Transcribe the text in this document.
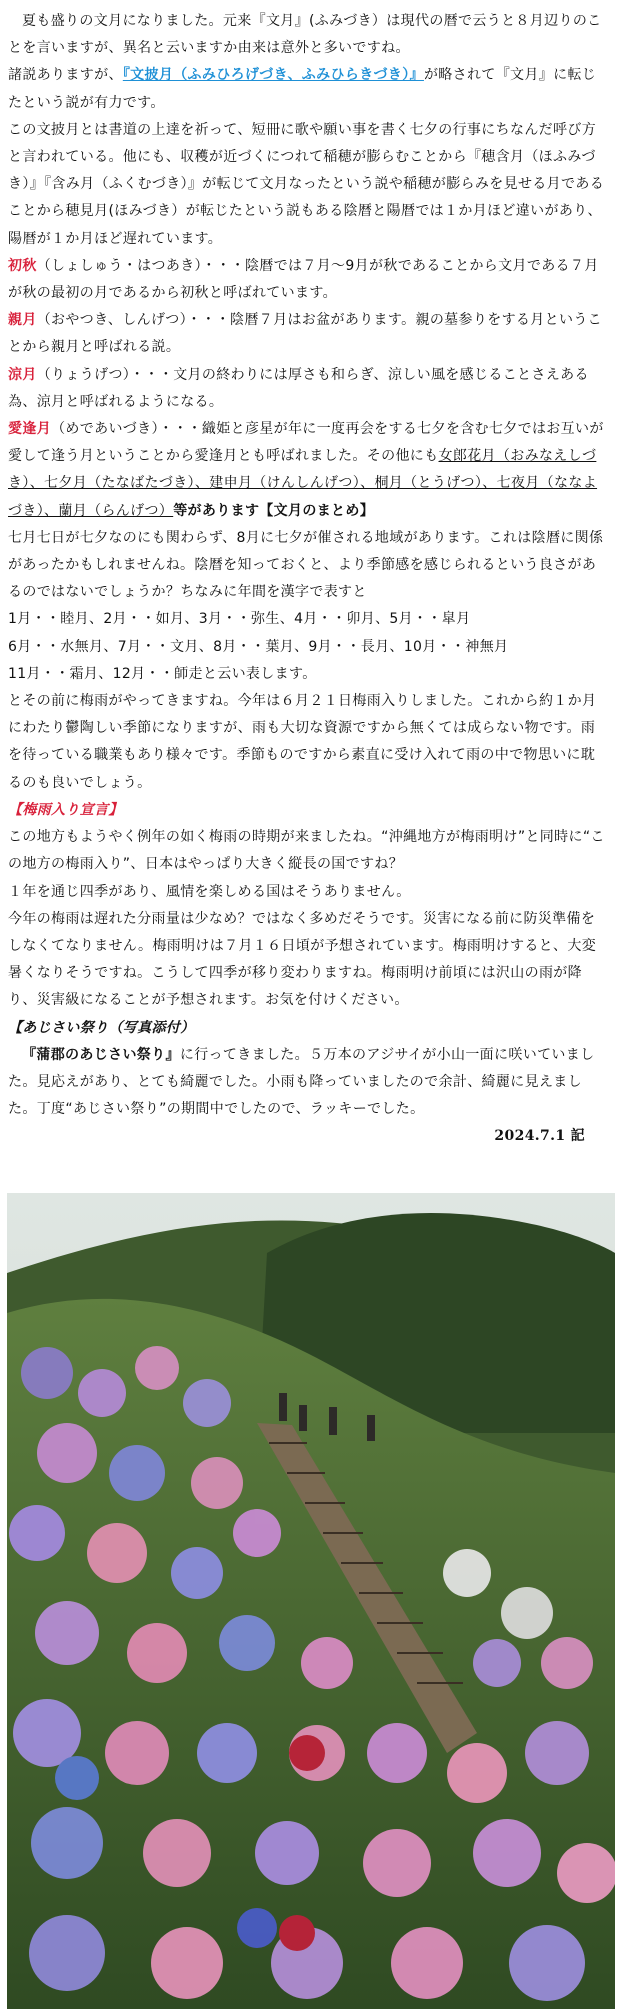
夏も盛りの文月になりました。元来『文月』(ふみづき）は現代の暦で云うと８月辺りのことを言いますが、異名と云いますか由来は意外と多いですね。

諸説ありますが、『文披月（ふみひろげづき、ふみひらきづき）』が略されて『文月』に転じたという説が有力です。

この文披月とは書道の上達を祈って、短冊に歌や願い事を書く七夕の行事にちなんだ呼び方と言われている。他にも、収穫が近づくにつれて稲穂が膨らむことから『穂含月（ほふみづき）』『含み月（ふくむづき）』が転じて文月なったという説や稲穂が膨らみを見せる月であることから穂見月(ほみづき）が転じたという説もある陰暦と陽暦では１か月ほど違いがあり、陽暦が１か月ほど遅れています。

初秋（しょしゅう・はつあき）・・・陰暦では７月～9月が秋であることから文月である７月が秋の最初の月であるから初秋と呼ばれています。

親月（おやつき、しんげつ）・・・陰暦７月はお盆があります。親の墓参りをする月ということから親月と呼ばれる説。

涼月（りょうげつ）・・・文月の終わりには厚さも和らぎ、涼しい風を感じることさえある為、涼月と呼ばれるようになる。

愛逢月（めであいづき）・・・織姫と彦星が年に一度再会をする七夕を含む七夕ではお互いが愛して逢う月ということから愛逢月とも呼ばれました。その他にも女郎花月（おみなえしづき）、七夕月（たなばたづき）、建申月（けんしんげつ）、桐月（とうげつ）、七夜月（ななよづき）、蘭月（らんげつ）等があります【文月のまとめ】

七月七日が七夕なのにも関わらず、8月に七夕が催される地域があります。これは陰暦に関係があったかもしれませんね。陰暦を知っておくと、より季節感を感じられるという良さがあるのではないでしょうか？ちなみに年間を漢字で表すと

1月・・睦月、2月・・如月、3月・・弥生、4月・・卯月、5月・・皐月

6月・・水無月、7月・・文月、8月・・葉月、9月・・長月、10月・・神無月

11月・・霜月、12月・・師走と云い表します。

とその前に梅雨がやってきますね。今年は６月２１日梅雨入りしました。これから約１か月にわたり鬱陶しい季節になりますが、雨も大切な資源ですから無くては成らない物です。雨を待っている職業もあり様々です。季節ものですから素直に受け入れて雨の中で物思いに耽るのも良いでしょう。

【梅雨入り宣言】

この地方もようやく例年の如く梅雨の時期が来ましたね。“沖縄地方が梅雨明け”と同時に“この地方の梅雨入り”、日本はやっぱり大きく縦長の国ですね？

１年を通じ四季があり、風情を楽しめる国はそうありません。

今年の梅雨は遅れた分雨量は少なめ？ではなく多めだそうです。災害になる前に防災準備をしなくてなりません。梅雨明けは７月１６日頃が予想されています。梅雨明けすると、大変暑くなりそうですね。こうして四季が移り変わりますね。梅雨明け前頃には沢山の雨が降り、災害級になることが予想されます。お気を付けください。

【あじさい祭り（写真添付）

『蒲郡のあじさい祭り』に行ってきました。５万本のアジサイが小山一面に咲いていました。見応えがあり、とても綺麗でした。小雨も降っていましたので余計、綺麗に見えました。丁度“あじさい祭り”の期間中でしたので、ラッキーでした。

2024.7.1 記
